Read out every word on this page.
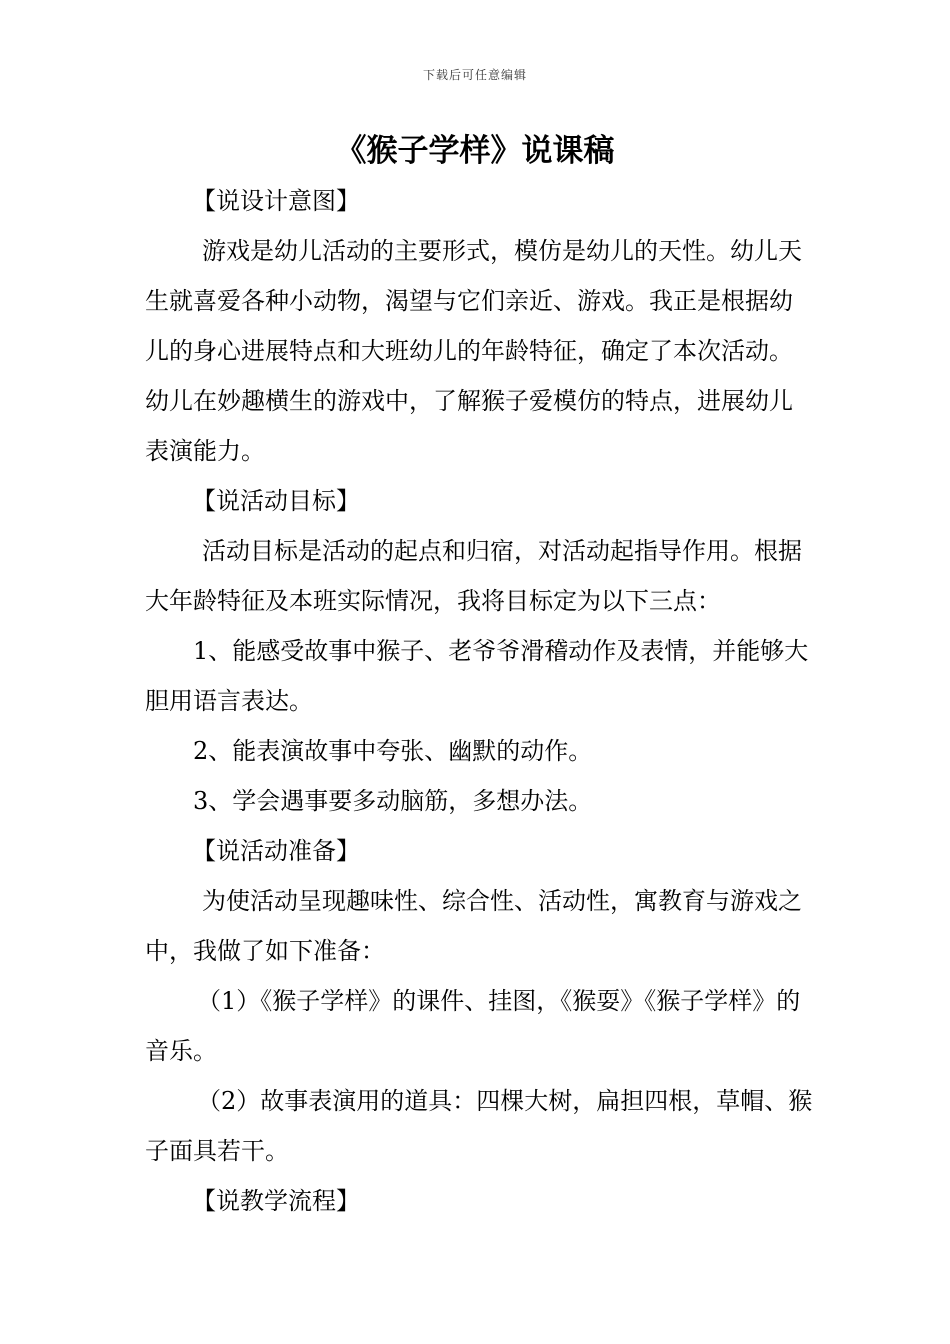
下载后可任意编辑
《猴子学样》说课稿

【说设计意图】

游戏是幼儿活动的主要形式，模仿是幼儿的天性。幼儿天生就喜爱各种小动物，渴望与它们亲近、游戏。我正是根据幼儿的身心进展特点和大班幼儿的年龄特征，确定了本次活动。幼儿在妙趣横生的游戏中，了解猴子爱模仿的特点，进展幼儿表演能力。

【说活动目标】

活动目标是活动的起点和归宿，对活动起指导作用。根据大年龄特征及本班实际情况，我将目标定为以下三点：

1、能感受故事中猴子、老爷爷滑稽动作及表情，并能够大胆用语言表达。

2、能表演故事中夸张、幽默的动作。

3、学会遇事要多动脑筋，多想办法。

【说活动准备】

为使活动呈现趣味性、综合性、活动性，寓教育与游戏之中，我做了如下准备：

（1）《猴子学样》的课件、挂图，《猴耍》《猴子学样》的音乐。

（2）故事表演用的道具：四棵大树，扁担四根，草帽、猴子面具若干。

【说教学流程】
